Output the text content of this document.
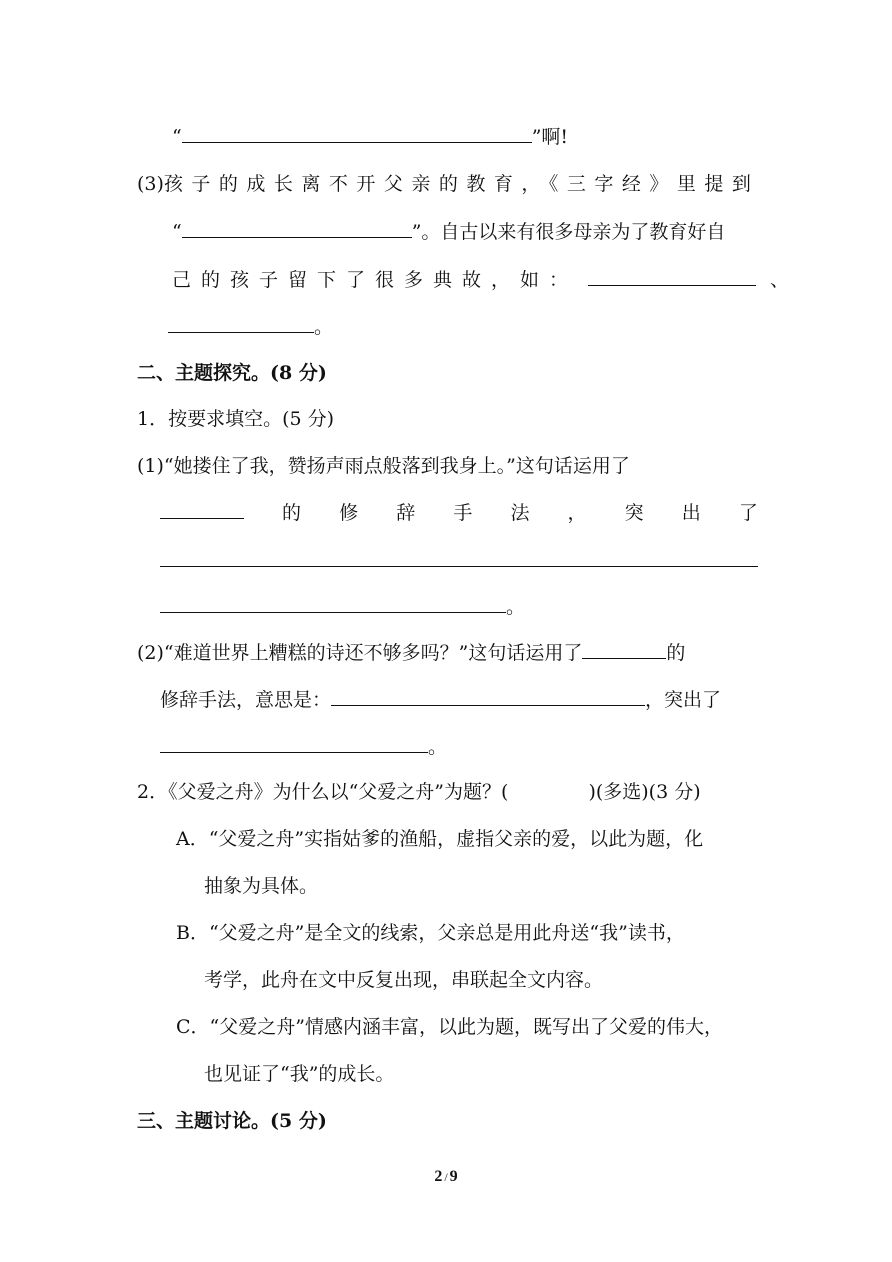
“	”啊!
(3) 孩子的成长离不开父亲的教育，《三字经》里提到
“	”。自古以来有很多母亲为了教育好自
己的孩子留下了很多典故，如：	、
。
二、主题探究。(8 分)
1．按要求填空。(5 分)
(1)“她搂住了我，赞扬声雨点般落到我身上。”这句话运用了
的 修 辞 手 法 ， 突 出 了
。
(2)“难道世界上糟糕的诗还不够多吗？”这句话运用了	的
修辞手法，意思是：	，突出了
。
2．《父爱之舟》为什么以“父爱之舟”为题？(	)(多选)(3 分)
A．“父爱之舟”实指姑爹的渔船，虚指父亲的爱，以此为题，化
抽象为具体。
B．“父爱之舟”是全文的线索，父亲总是用此舟送“我”读书，
考学，此舟在文中反复出现，串联起全文内容。
C．“父爱之舟”情感内涵丰富，以此为题，既写出了父爱的伟大，
也见证了“我”的成长。
三、主题讨论。(5 分)
2 / 9
